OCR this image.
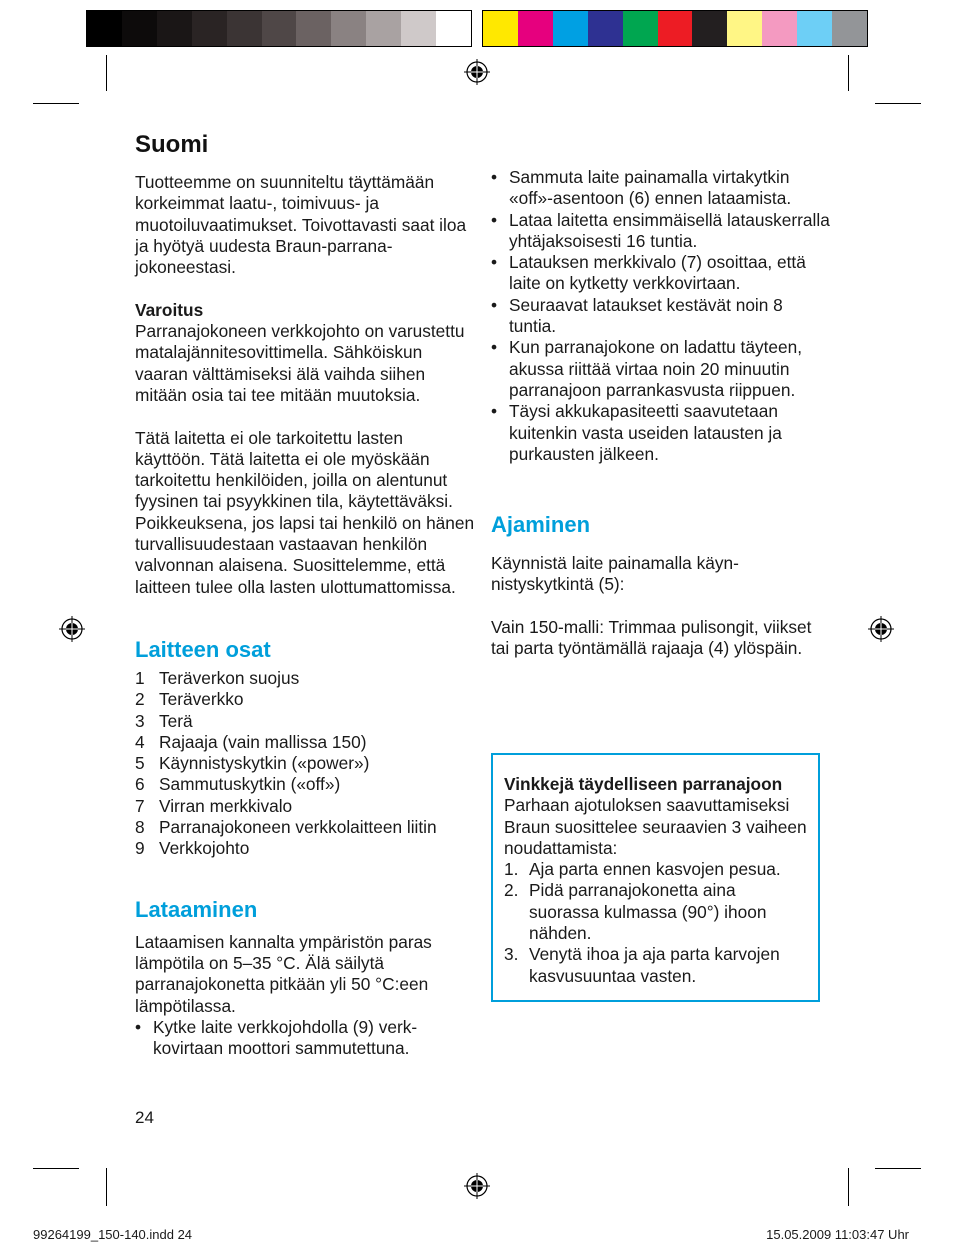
Suomi

Tuotteemme on suunniteltu täyttämään korkeimmat laatu-, toimivuus- ja muotoiluvaatimukset. Toivottavasti saat iloa ja hyötyä uudesta Braun-parranajokoneestasi.

Varoitus

Parranajokoneen verkkojohto on varustettu matalajännitesovittimella. Sähköiskun vaaran välttämiseksi älä vaihda siihen mitään osia tai tee mitään muutoksia.

Tätä laitetta ei ole tarkoitettu lasten käyttöön. Tätä laitetta ei ole myöskään tarkoitettu henkilöiden, joilla on alentunut fyysinen tai psyykkinen tila, käytettäväksi. Poikkeuksena, jos lapsi tai henkilö on hänen turvallisuudestaan vastaavan henkilön valvonnan alaisena. Suosittelemme, että laitteen tulee olla lasten ulottumattomissa.

Laitteen osat
1 Teräverkon suojus
2 Teräverkko
3 Terä
4 Rajaaja (vain mallissa 150)
5 Käynnistyskytkin («power»)
6 Sammutuskytkin («off»)
7 Virran merkkivalo
8 Parranajokoneen verkkolaitteen liitin
9 Verkkojohto
Lataaminen

Lataamisen kannalta ympäristön paras lämpötila on 5–35 °C. Älä säilytä parranajokonetta pitkään yli 50 °C:een lämpötilassa.

• Kytke laite verkkojohdolla (9) verkkovirtaan moottori sammutettuna.
24
• Sammuta laite painamalla virtakytkin «off»-asentoon (6) ennen lataamista.
• Lataa laitetta ensimmäisellä latauskerralla yhtäjaksoisesti 16 tuntia.
• Latauksen merkkivalo (7) osoittaa, että laite on kytketty verkkovirtaan.
• Seuraavat lataukset kestävät noin 8 tuntia.
• Kun parranajokone on ladattu täyteen, akussa riittää virtaa noin 20 minuutin parranajoon parrankasvusta riippuen.
• Täysi akkukapasiteetti saavutetaan kuitenkin vasta useiden latausten ja purkausten jälkeen.
Ajaminen

Käynnistä laite painamalla käynnistyskytkintä (5):

Vain 150-malli: Trimmaa pulisongit, viikset tai parta työntämällä rajaaja (4) ylöspäin.

Vinkkejä täydelliseen parranajoon

Parhaan ajotuloksen saavuttamiseksi Braun suosittelee seuraavien 3 vaiheen noudattamista:

1. Aja parta ennen kasvojen pesua.
2. Pidä parranajokonetta aina suorassa kulmassa (90°) ihoon nähden.
3. Venytä ihoa ja aja parta karvojen kasvusuuntaa vasten.
99264199_150-140.indd 24	15.05.2009 11:03:47 Uhr
